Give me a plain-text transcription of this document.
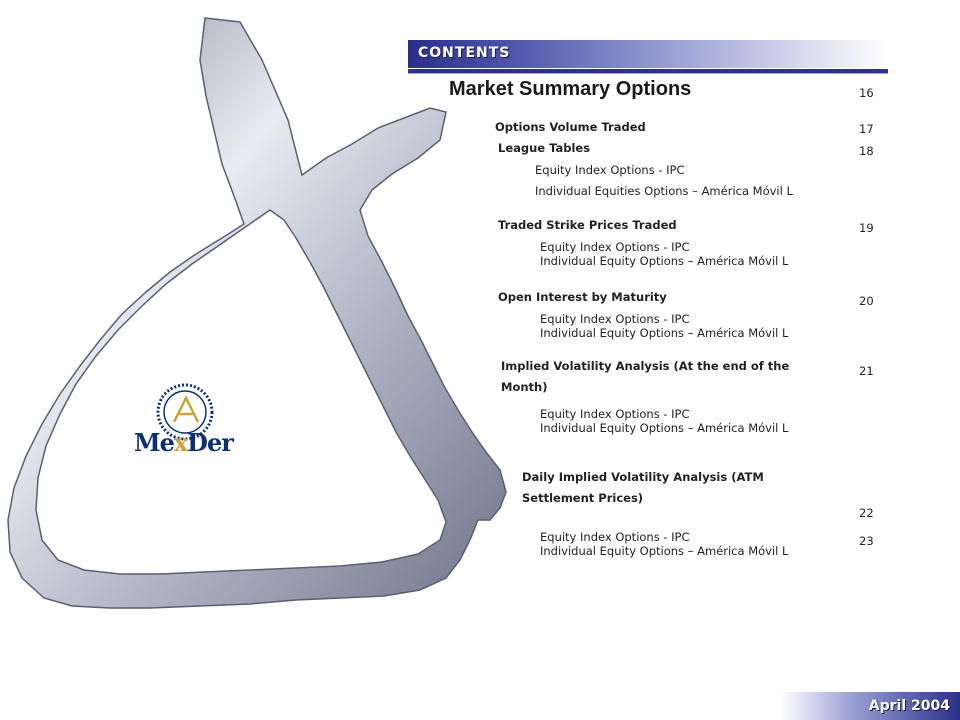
MexDer
CONTENTS
Market Summary Options
Options Volume Traded
League Tables
Equity Index Options - IPC
Individual Equities Options – América Móvil L
Traded Strike Prices Traded
Equity Index Options - IPC
Individual Equity Options – América Móvil L
Open Interest by Maturity
Equity Index Options - IPC
Individual Equity Options – América Móvil L
Implied Volatility Analysis (At the end of the Month)
Equity Index Options - IPC
Individual Equity Options – América Móvil L
Daily Implied Volatility Analysis (ATM Settlement Prices)
Equity Index Options - IPC
Individual Equity Options – América Móvil L
16
17
18
19
20
21
22
23
April 2004
